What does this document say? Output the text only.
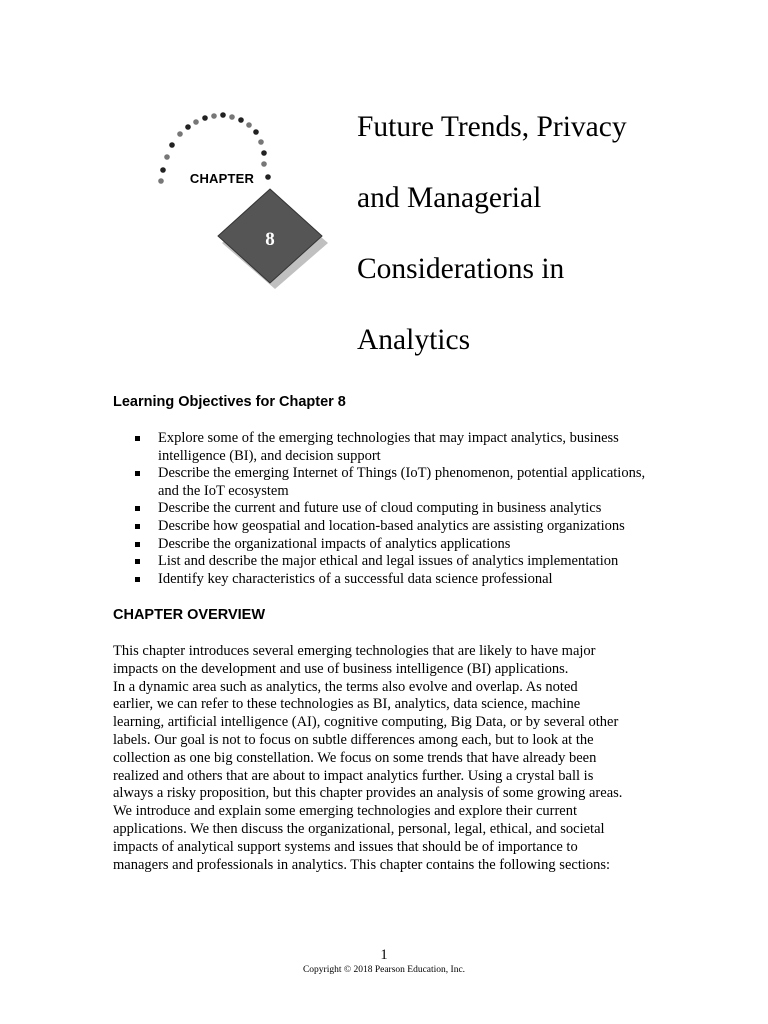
CHAPTER
8
Future Trends, Privacy
and Managerial
Considerations in
Analytics
Learning Objectives for Chapter 8
Explore some of the emerging technologies that may impact analytics, business intelligence (BI), and decision support
Describe the emerging Internet of Things (IoT) phenomenon, potential applications, and the IoT ecosystem
Describe the current and future use of cloud computing in business analytics
Describe how geospatial and location-based analytics are assisting organizations
Describe the organizational impacts of analytics applications
List and describe the major ethical and legal issues of analytics implementation
Identify key characteristics of a successful data science professional
CHAPTER OVERVIEW

This chapter introduces several emerging technologies that are likely to have major
impacts on the development and use of business intelligence (BI) applications.
In a dynamic area such as analytics, the terms also evolve and overlap. As noted
earlier, we can refer to these technologies as BI, analytics, data science, machine
learning, artificial intelligence (AI), cognitive computing, Big Data, or by several other
labels. Our goal is not to focus on subtle differences among each, but to look at the
collection as one big constellation. We focus on some trends that have already been
realized and others that are about to impact analytics further. Using a crystal ball is
always a risky proposition, but this chapter provides an analysis of some growing areas.
We introduce and explain some emerging technologies and explore their current
applications. We then discuss the organizational, personal, legal, ethical, and societal
impacts of analytical support systems and issues that should be of importance to
managers and professionals in analytics. This chapter contains the following sections:

1
Copyright © 2018 Pearson Education, Inc.
